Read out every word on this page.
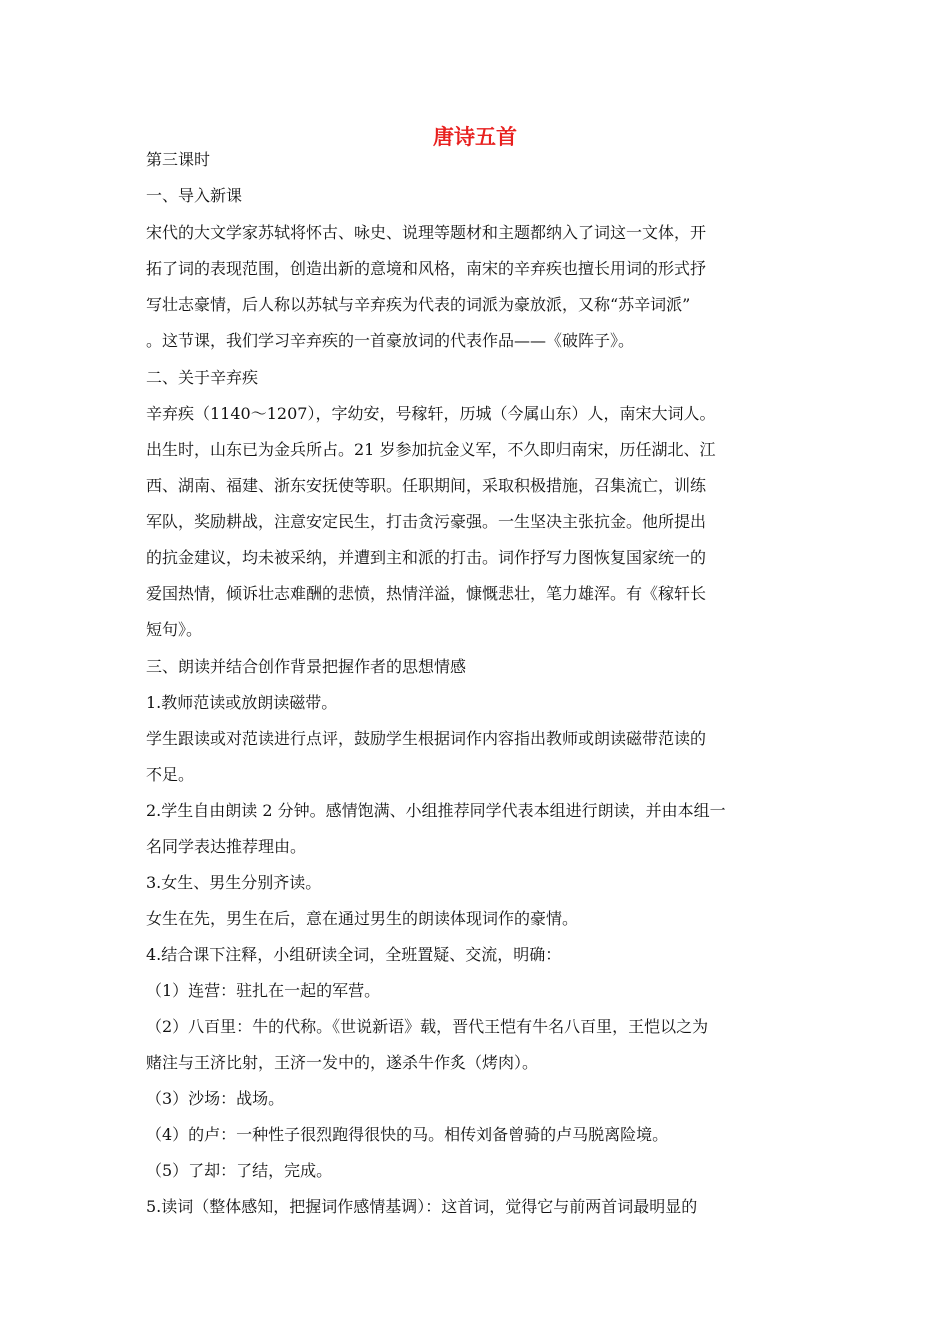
唐诗五首
第三课时
一、导入新课
宋代的大文学家苏轼将怀古、咏史、说理等题材和主题都纳入了词这一文体，开
拓了词的表现范围，创造出新的意境和风格，南宋的辛弃疾也擅长用词的形式抒
写壮志豪情，后人称以苏轼与辛弃疾为代表的词派为豪放派，又称“苏辛词派”
。这节课，我们学习辛弃疾的一首豪放词的代表作品——《破阵子》。
二、关于辛弃疾
辛弃疾（1140～1207），字幼安，号稼轩，历城（今属山东）人，南宋大词人。
出生时，山东已为金兵所占。21 岁参加抗金义军，不久即归南宋，历任湖北、江
西、湖南、福建、浙东安抚使等职。任职期间，采取积极措施，召集流亡，训练
军队，奖励耕战，注意安定民生，打击贪污豪强。一生坚决主张抗金。他所提出
的抗金建议，均未被采纳，并遭到主和派的打击。词作抒写力图恢复国家统一的
爱国热情，倾诉壮志难酬的悲愤，热情洋溢，慷慨悲壮，笔力雄浑。有《稼轩长
短句》。
三、朗读并结合创作背景把握作者的思想情感
1.教师范读或放朗读磁带。
学生跟读或对范读进行点评，鼓励学生根据词作内容指出教师或朗读磁带范读的
不足。
2.学生自由朗读 2 分钟。感情饱满、小组推荐同学代表本组进行朗读，并由本组一
名同学表达推荐理由。
3.女生、男生分别齐读。
女生在先，男生在后，意在通过男生的朗读体现词作的豪情。
4.结合课下注释，小组研读全词，全班置疑、交流，明确：
（1）连营：驻扎在一起的军营。
（2）八百里：牛的代称。《世说新语》载，晋代王恺有牛名八百里，王恺以之为
赌注与王济比射，王济一发中的，遂杀牛作炙（烤肉）。
（3）沙场：战场。
（4）的卢：一种性子很烈跑得很快的马。相传刘备曾骑的卢马脱离险境。
（5）了却：了结，完成。
5.读词（整体感知，把握词作感情基调）：这首词，觉得它与前两首词最明显的
